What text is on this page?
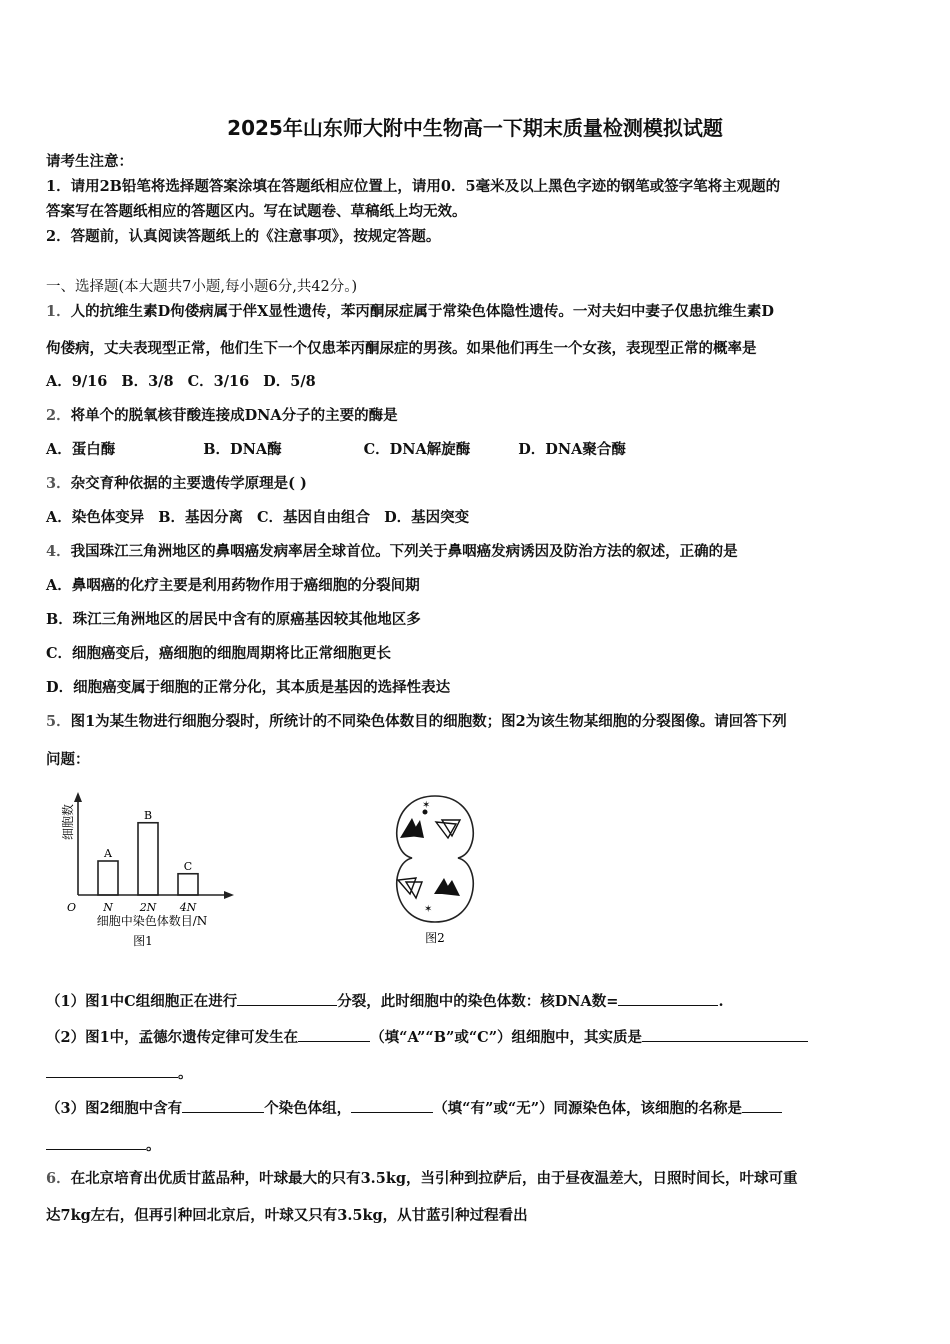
2025年山东师大附中生物高一下期末质量检测模拟试题
请考生注意：
1．请用2B铅笔将选择题答案涂填在答题纸相应位置上，请用0．5毫米及以上黑色字迹的钢笔或签字笔将主观题的
答案写在答题纸相应的答题区内。写在试题卷、草稿纸上均无效。
2．答题前，认真阅读答题纸上的《注意事项》，按规定答题。
一、选择题(本大题共7小题,每小题6分,共42分。)
1．人的抗维生素D佝偻病属于伴X显性遗传，苯丙酮尿症属于常染色体隐性遗传。一对夫妇中妻子仅患抗维生素D
佝偻病，丈夫表现型正常，他们生下一个仅患苯丙酮尿症的男孩。如果他们再生一个女孩，表现型正常的概率是
A．9/16 B．3/8 C．3/16 D．5/8
2．将单个的脱氧核苷酸连接成DNA分子的主要的酶是
A．蛋白酶	B．DNA酶	C．DNA解旋酶	D．DNA聚合酶
3．杂交育种依据的主要遗传学原理是( )
A．染色体变异 B．基因分离 C．基因自由组合 D．基因突变
4．我国珠江三角洲地区的鼻咽癌发病率居全球首位。下列关于鼻咽癌发病诱因及防治方法的叙述，正确的是
A．鼻咽癌的化疗主要是利用药物作用于癌细胞的分裂间期
B．珠江三角洲地区的居民中含有的原癌基因较其他地区多
C．细胞癌变后，癌细胞的细胞周期将比正常细胞更长
D．细胞癌变属于细胞的正常分化，其本质是基因的选择性表达
5．图1为某生物进行细胞分裂时，所统计的不同染色体数目的细胞数；图2为该生物某细胞的分裂图像。请回答下列
问题：
细胞数
O
A
N
B
2N
C
4N
细胞中染色体数目/N
图1
✶
✶
图2
（1）图1中C组细胞正在进行	分裂，此时细胞中的染色体数：核DNA数=	.
（2）图1中，孟德尔遗传定律可发生在	（填“A”“B”或“C”）组细胞中，其实质是
。
（3）图2细胞中含有	个染色体组，	（填“有”或“无”）同源染色体，该细胞的名称是
。
6．在北京培育出优质甘蓝品种，叶球最大的只有3.5kg，当引种到拉萨后，由于昼夜温差大，日照时间长，叶球可重
达7kg左右，但再引种回北京后，叶球又只有3.5kg，从甘蓝引种过程看出
